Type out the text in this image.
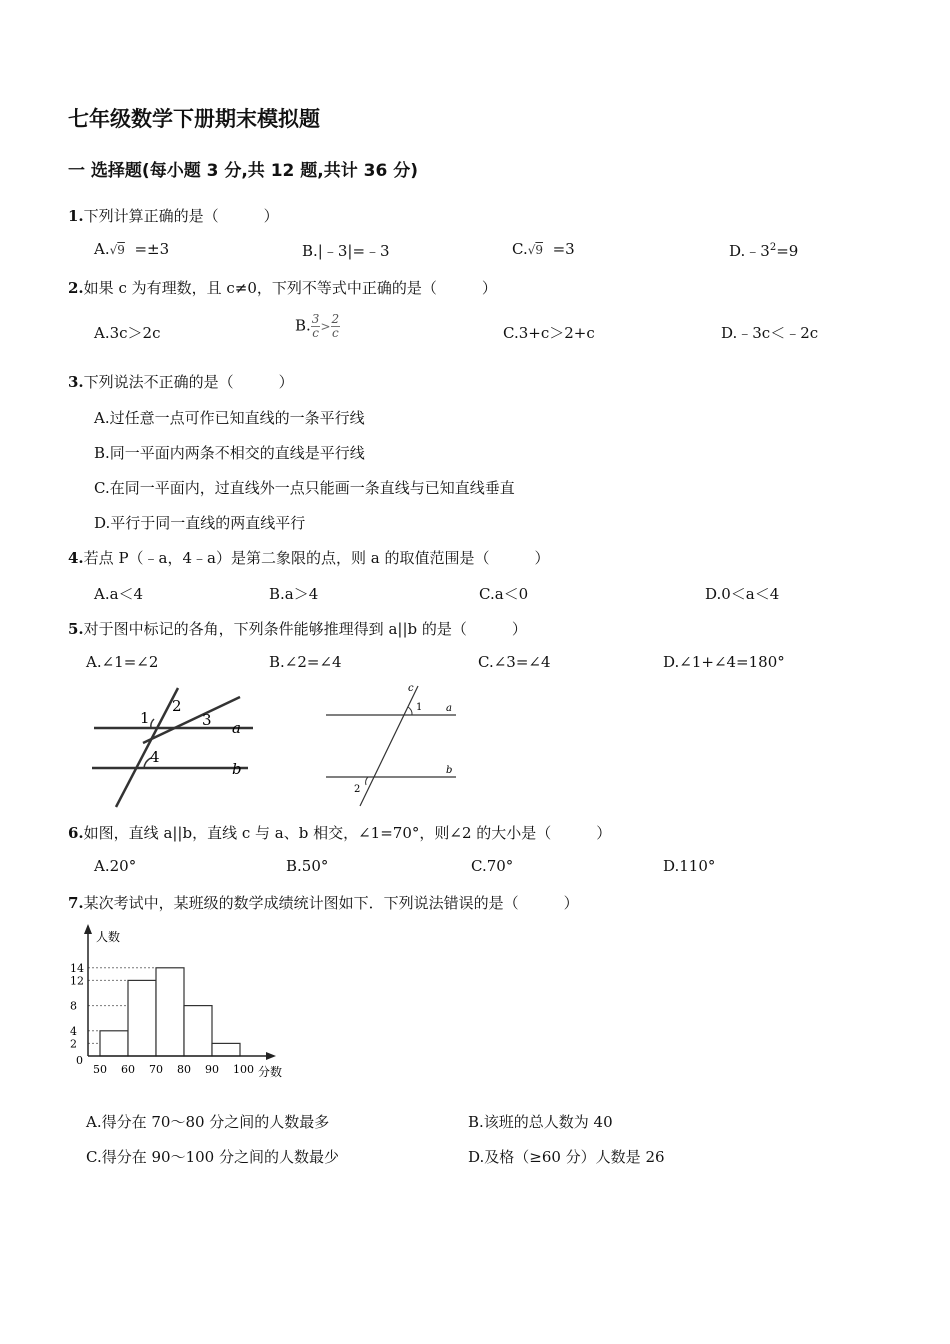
七年级数学下册期末模拟题
一 选择题(每小题 3 分,共 12 题,共计 36 分)
1.下列计算正确的是（　　　）
A.√9 =±3	B.|﹣3|=﹣3	C.√9 =3	$D.﹣3^2=9$
2.如果 c 为有理数，且 c≠0，下列不等式中正确的是（　　　）
A.3c＞2c	B. $\frac{3}{c} > \frac{2}{c}$	C.3+c＞2+c	D.﹣3c＜﹣2c
3.下列说法不正确的是（　　　）
A.过任意一点可作已知直线的一条平行线
B.同一平面内两条不相交的直线是平行线
C.在同一平面内，过直线外一点只能画一条直线与已知直线垂直
D.平行于同一直线的两直线平行
4.若点 P（﹣a，4﹣a）是第二象限的点，则 a 的取值范围是（　　　）
A.a＜4	B.a＞4	C.a＜0	D.0＜a＜4
5.对于图中标记的各角，下列条件能够推理得到 a||b 的是（　　　）
A.∠1=∠2	B.∠2=∠4	C.∠3=∠4	D.∠1+∠4=180°
1
2
3
4
a
b
c
1 a
b
2
6.如图，直线 a||b，直线 c 与 a、b 相交，∠1=70°，则∠2 的大小是（　　　）
A.20°	B.50°	C.70°	D.110°
7.某次考试中，某班级的数学成绩统计图如下．下列说法错误的是（　　　）
0
2
4
8
12
14
50 60 70 80 90 100
人数
分数
A.得分在 70～80 分之间的人数最多	B.该班的总人数为 40
C.得分在 90～100 分之间的人数最少	D.及格（≥60 分）人数是 26
